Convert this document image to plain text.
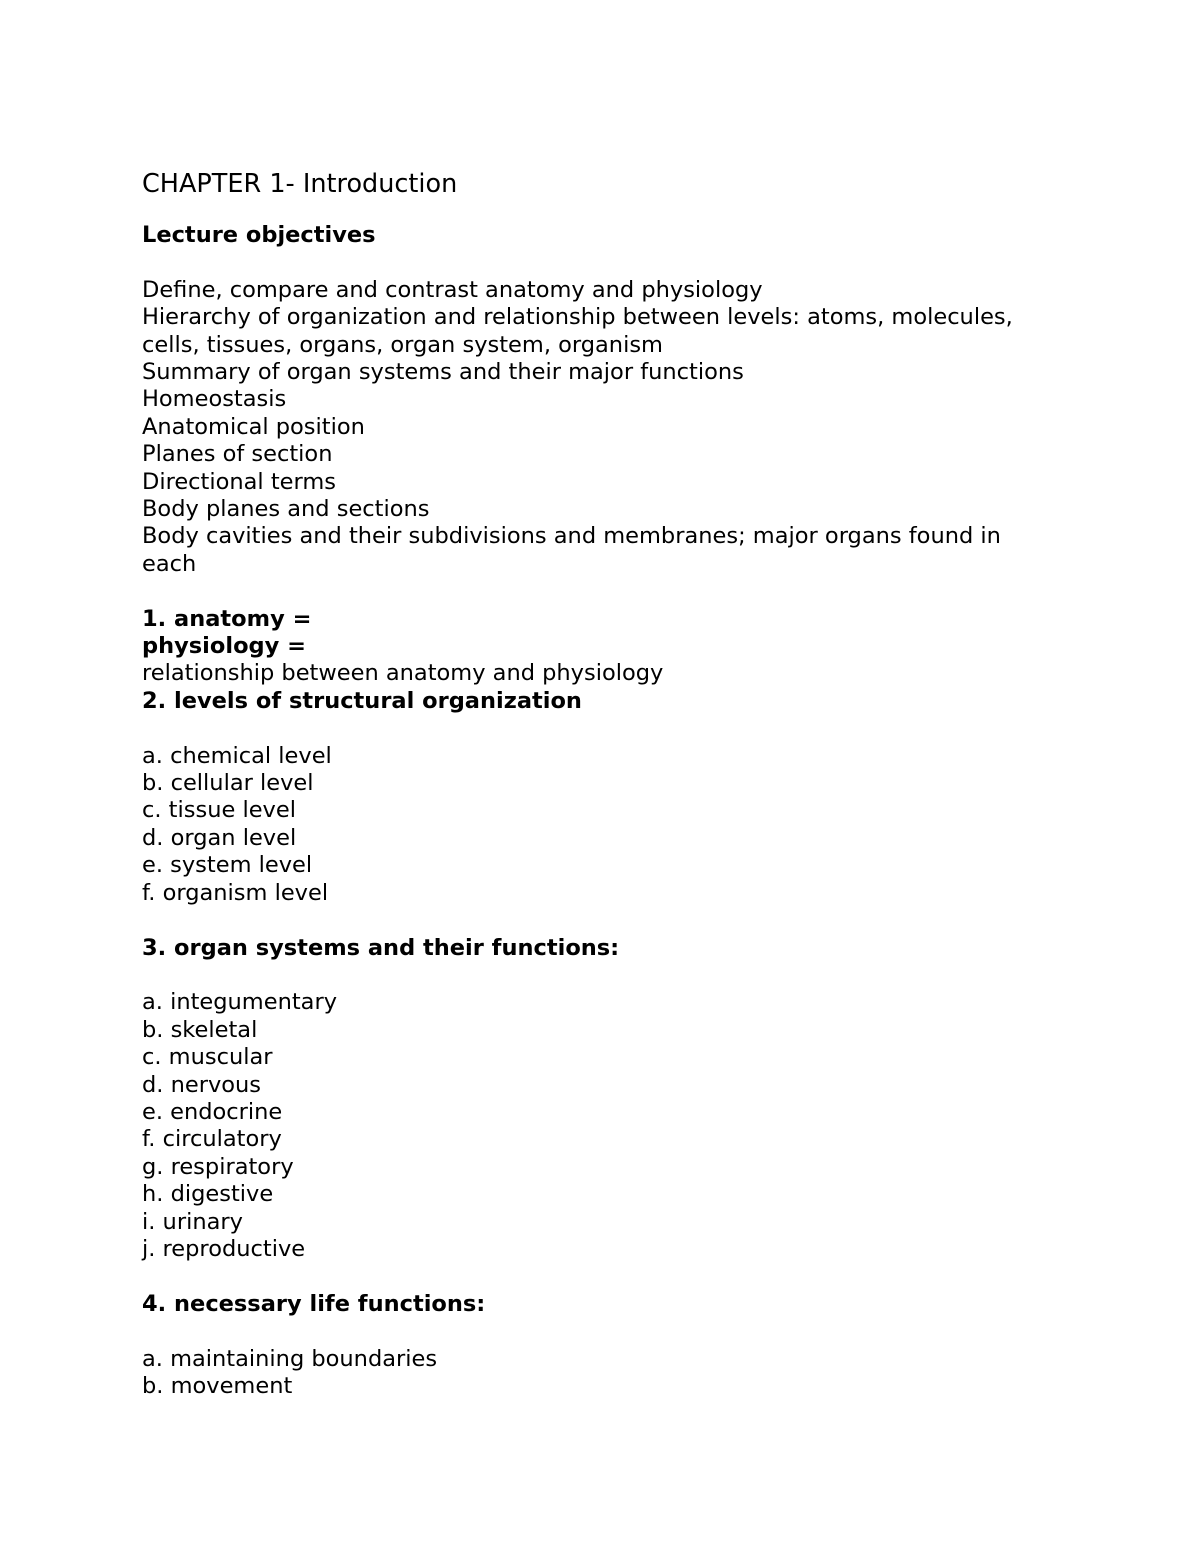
CHAPTER 1- Introduction
Lecture objectives
Define, compare and contrast anatomy and physiology
Hierarchy of organization and relationship between levels: atoms, molecules, cells, tissues, organs, organ system, organism
Summary of organ systems and their major functions
Homeostasis
Anatomical position
Planes of section
Directional terms
Body planes and sections
Body cavities and their subdivisions and membranes; major organs found in each
1. anatomy =
physiology =
relationship between anatomy and physiology
2. levels of structural organization
a. chemical level
b. cellular level
c. tissue level
d. organ level
e. system level
f. organism level
3. organ systems and their functions:
a. integumentary
b. skeletal
c. muscular
d. nervous
e. endocrine
f. circulatory
g. respiratory
h. digestive
i. urinary
j. reproductive
4. necessary life functions:
a. maintaining boundaries
b. movement
